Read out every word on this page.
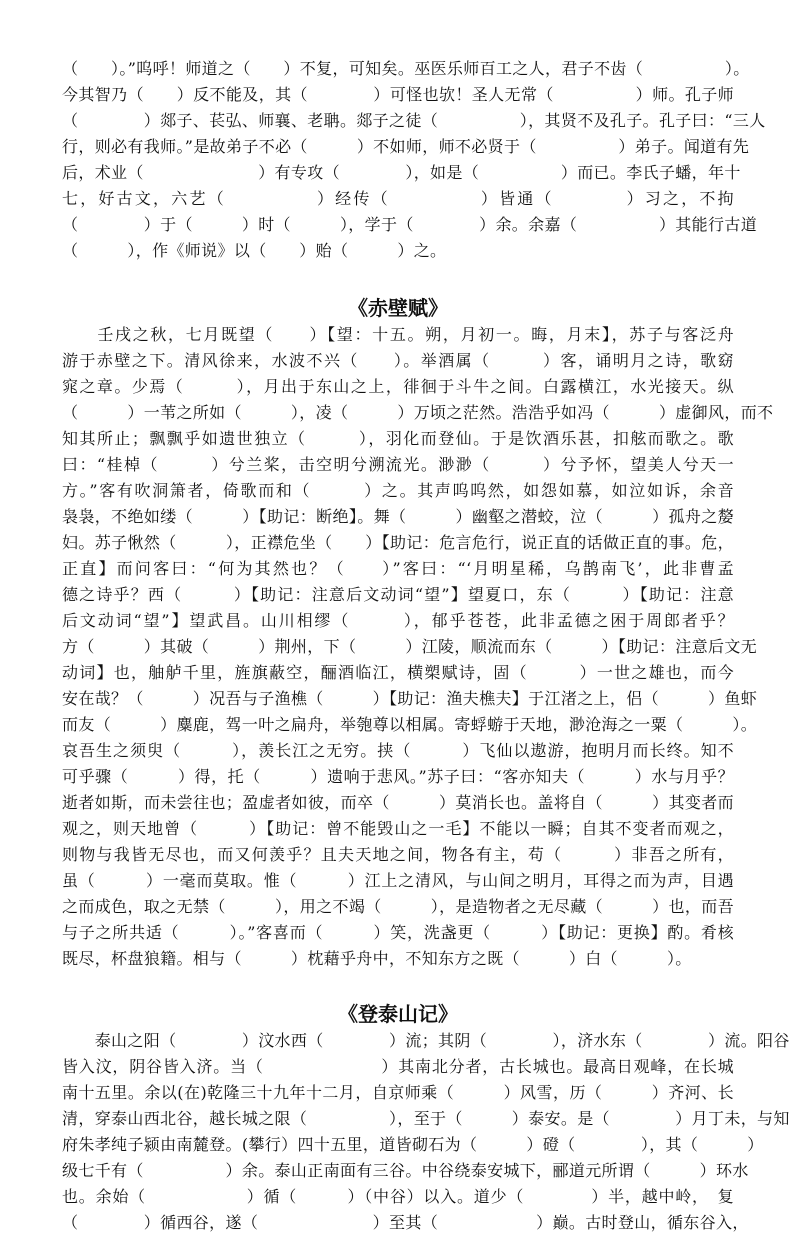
（　　）。”呜呼！师道之（　　）不复，可知矣。巫医乐师百工之人，君子不齿（　　　　　）。
今其智乃（　　）反不能及，其（　　　　）可怪也欤！圣人无常（　　　　　）师。孔子师
（　　　　）郯子、苌弘、师襄、老聃。郯子之徒（　　　　　），其贤不及孔子。孔子曰：“三人
行，则必有我师。”是故弟子不必（　　　）不如师，师不必贤于（　　　　　）弟子。闻道有先
后，术业（　　　　　　　）有专攻（　　　　），如是（　　　　　）而已。李氏子蟠，年十
七，好古文，六艺（　　　　　）经传（　　　　　）皆通（　　　　）习之，不拘
（　　　　）于（　　　）时（　　　），学于（　　　　）余。余嘉（　　　　　）其能行古道
（　　　），作《师说》以（　　）贻（　　　）之。
《赤壁赋》
　　壬戌之秋，七月既望（　　）【望：十五。朔，月初一。晦，月末】，苏子与客泛舟
游于赤壁之下。清风徐来，水波不兴（　　）。举酒属（　　　）客，诵明月之诗，歌窈
窕之章。少焉（　　　），月出于东山之上，徘徊于斗牛之间。白露横江，水光接天。纵
（　　　）一苇之所如（　　　），凌（　　　）万顷之茫然。浩浩乎如冯（　　　）虚御风，而不
知其所止；飘飘乎如遗世独立（　　　），羽化而登仙。于是饮酒乐甚，扣舷而歌之。歌
曰：“桂棹（　　　）兮兰桨，击空明兮溯流光。渺渺（　　　）兮予怀，望美人兮天一
方。”客有吹洞箫者，倚歌而和（　　　）之。其声呜呜然，如怨如慕，如泣如诉，余音
袅袅，不绝如缕（　　　）【助记：断绝】。舞（　　　）幽壑之潜蛟，泣（　　　）孤舟之嫠
妇。苏子愀然（　　　），正襟危坐（　　）【助记：危言危行，说正直的话做正直的事。危，
正直】而问客曰：“何为其然也？（　　）”客曰：“‘月明星稀，乌鹊南飞’，此非曹孟
德之诗乎？西（　　　）【助记：注意后文动词“望”】望夏口，东（　　　）【助记：注意
后文动词“望”】望武昌。山川相缪（　　　），郁乎苍苍，此非孟德之困于周郎者乎？
方（　　　）其破（　　　）荆州，下（　　　）江陵，顺流而东（　　　）【助记：注意后文无
动词】也，舳舻千里，旌旗蔽空，酾酒临江，横槊赋诗，固（　　　）一世之雄也，而今
安在哉？（　　　）况吾与子渔樵（　　　）【助记：渔夫樵夫】于江渚之上，侣（　　　）鱼虾
而友（　　　）麋鹿，驾一叶之扁舟，举匏尊以相属。寄蜉蝣于天地，渺沧海之一粟（　　　）。
哀吾生之须臾（　　　），羡长江之无穷。挟（　　　）飞仙以遨游，抱明月而长终。知不
可乎骤（　　　）得，托（　　　）遗响于悲风。”苏子曰：“客亦知夫（　　　）水与月乎？
逝者如斯，而未尝往也；盈虚者如彼，而卒（　　　）莫消长也。盖将自（　　　）其变者而
观之，则天地曾（　　　）【助记：曾不能毁山之一毛】不能以一瞬；自其不变者而观之，
则物与我皆无尽也，而又何羡乎？且夫天地之间，物各有主，苟（　　　）非吾之所有，
虽（　　　）一毫而莫取。惟（　　　）江上之清风，与山间之明月，耳得之而为声，目遇
之而成色，取之无禁（　　　），用之不竭（　　　），是造物者之无尽藏（　　　）也，而吾
与子之所共适（　　　）。”客喜而（　　　）笑，洗盏更（　　　）【助记：更换】酌。肴核
既尽，杯盘狼籍。相与（　　　）枕藉乎舟中，不知东方之既（　　　）白（　　　）。
《登泰山记》
　　泰山之阳（　　　　）汶水西（　　　　）流；其阴（　　　　），济水东（　　　　）流。阳谷
皆入汶，阴谷皆入济。当（　　　　　　　）其南北分者，古长城也。最高日观峰，在长城
南十五里。余以(在)乾隆三十九年十二月，自京师乘（　　　）风雪，历（　　　）齐河、长
清，穿泰山西北谷，越长城之限（　　　　　），至于（　　　）泰安。是（　　　　）月丁未，与知
府朱孝纯子颍由南麓登。(攀行）四十五里，道皆砌石为（　　　）磴（　　　　），其（　　　）
级七千有（　　　　　）余。泰山正南面有三谷。中谷绕泰安城下，郦道元所谓（　　　）环水
也。余始（　　　　　　）循（　　　）（中谷）以入。道少（　　　　）半，越中岭，　复
（　　　　）循西谷，遂（　　　　　　　）至其（　　　　　　）巅。古时登山，循东谷入，
